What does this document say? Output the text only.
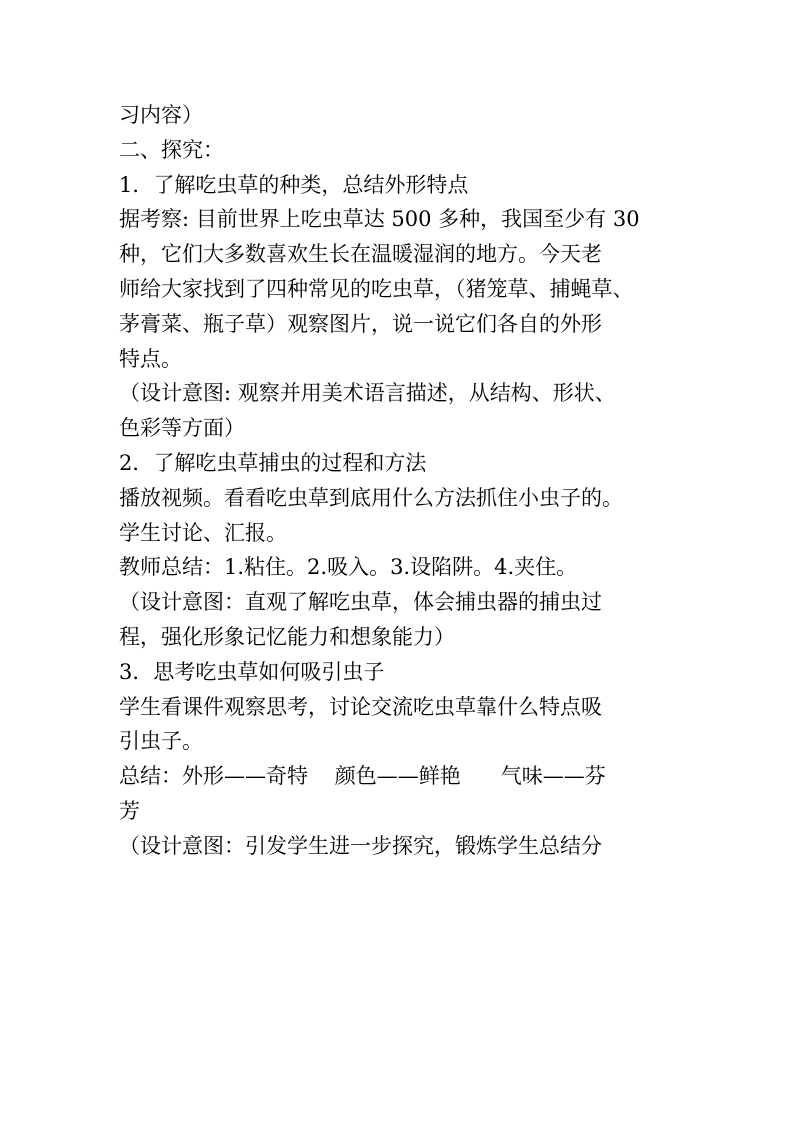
习内容）
二、探究：
1．了解吃虫草的种类，总结外形特点
据考察: 目前世界上吃虫草达 500 多种，我国至少有 30
种，它们大多数喜欢生长在温暖湿润的地方。今天老
师给大家找到了四种常见的吃虫草，（猪笼草、捕蝇草、
茅膏菜、瓶子草）观察图片，说一说它们各自的外形
特点。
（设计意图: 观察并用美术语言描述，从结构、形状、
色彩等方面）
2．了解吃虫草捕虫的过程和方法
播放视频。看看吃虫草到底用什么方法抓住小虫子的。
学生讨论、汇报。
教师总结：1.粘住。2.吸入。3.设陷阱。4.夹住。
（设计意图：直观了解吃虫草，体会捕虫器的捕虫过
程，强化形象记忆能力和想象能力）
3．思考吃虫草如何吸引虫子
学生看课件观察思考，讨论交流吃虫草靠什么特点吸
引虫子。
总结：外形——奇特    颜色——鲜艳      气味——芬
芳
（设计意图：引发学生进一步探究，锻炼学生总结分
